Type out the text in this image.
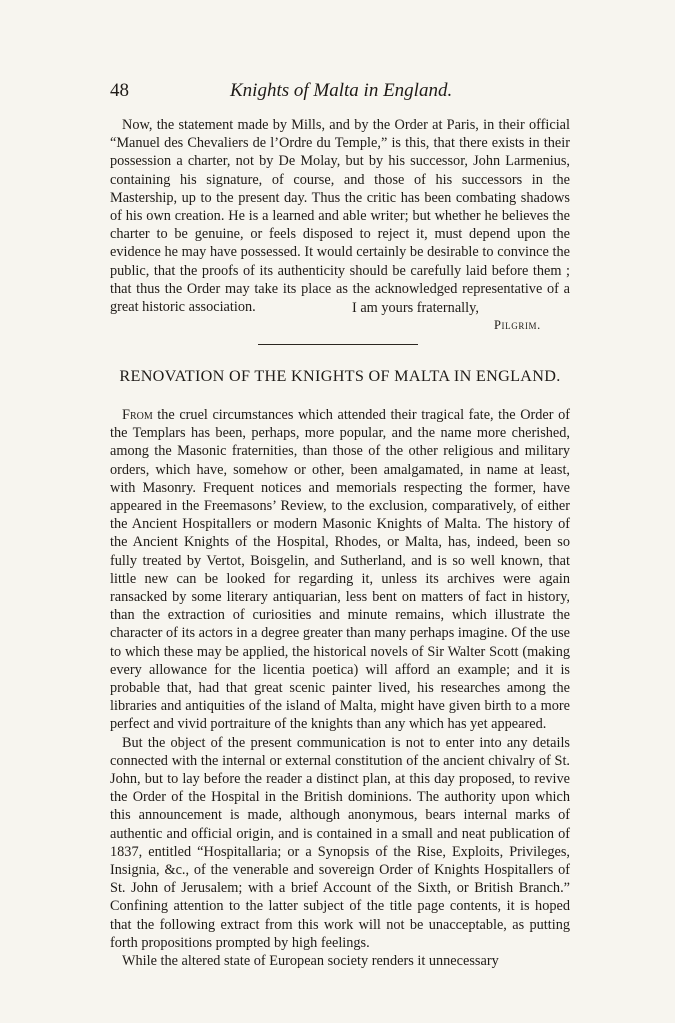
48	Knights of Malta in England.

Now, the statement made by Mills, and by the Order at Paris, in their official “Manuel des Chevaliers de l’Ordre du Temple,” is this, that there exists in their possession a charter, not by De Molay, but by his successor, John Larmenius, containing his signature, of course, and those of his successors in the Mastership, up to the present day. Thus the critic has been combating shadows of his own creation. He is a learned and able writer; but whether he believes the charter to be genuine, or feels disposed to reject it, must depend upon the evidence he may have possessed. It would certainly be desirable to convince the public, that the proofs of its authenticity should be carefully laid before them ; that thus the Order may take its place as the acknowledged representative of a great historic association.	I am yours fraternally,
Pilgrim.
RENOVATION OF THE KNIGHTS OF MALTA IN ENGLAND.

From the cruel circumstances which attended their tragical fate, the Order of the Templars has been, perhaps, more popular, and the name more cherished, among the Masonic fraternities, than those of the other religious and military orders, which have, somehow or other, been amalgamated, in name at least, with Masonry. Frequent notices and memorials respecting the former, have appeared in the Freemasons’ Review, to the exclusion, comparatively, of either the Ancient Hospitallers or modern Masonic Knights of Malta. The history of the Ancient Knights of the Hospital, Rhodes, or Malta, has, indeed, been so fully treated by Vertot, Boisgelin, and Sutherland, and is so well known, that little new can be looked for regarding it, unless its archives were again ransacked by some literary antiquarian, less bent on matters of fact in history, than the extraction of curiosities and minute remains, which illustrate the character of its actors in a degree greater than many perhaps imagine. Of the use to which these may be applied, the historical novels of Sir Walter Scott (making every allowance for the licentia poetica) will afford an example; and it is probable that, had that great scenic painter lived, his researches among the libraries and antiquities of the island of Malta, might have given birth to a more perfect and vivid portraiture of the knights than any which has yet appeared.

But the object of the present communication is not to enter into any details connected with the internal or external constitution of the ancient chivalry of St. John, but to lay before the reader a distinct plan, at this day proposed, to revive the Order of the Hospital in the British dominions. The authority upon which this announcement is made, although anonymous, bears internal marks of authentic and official origin, and is contained in a small and neat publication of 1837, entitled “Hospitallaria; or a Synopsis of the Rise, Exploits, Privileges, Insignia, &c., of the venerable and sovereign Order of Knights Hospitallers of St. John of Jerusalem; with a brief Account of the Sixth, or British Branch.” Confining attention to the latter subject of the title page contents, it is hoped that the following extract from this work will not be unacceptable, as putting forth propositions prompted by high feelings.

While the altered state of European society renders it unnecessary
